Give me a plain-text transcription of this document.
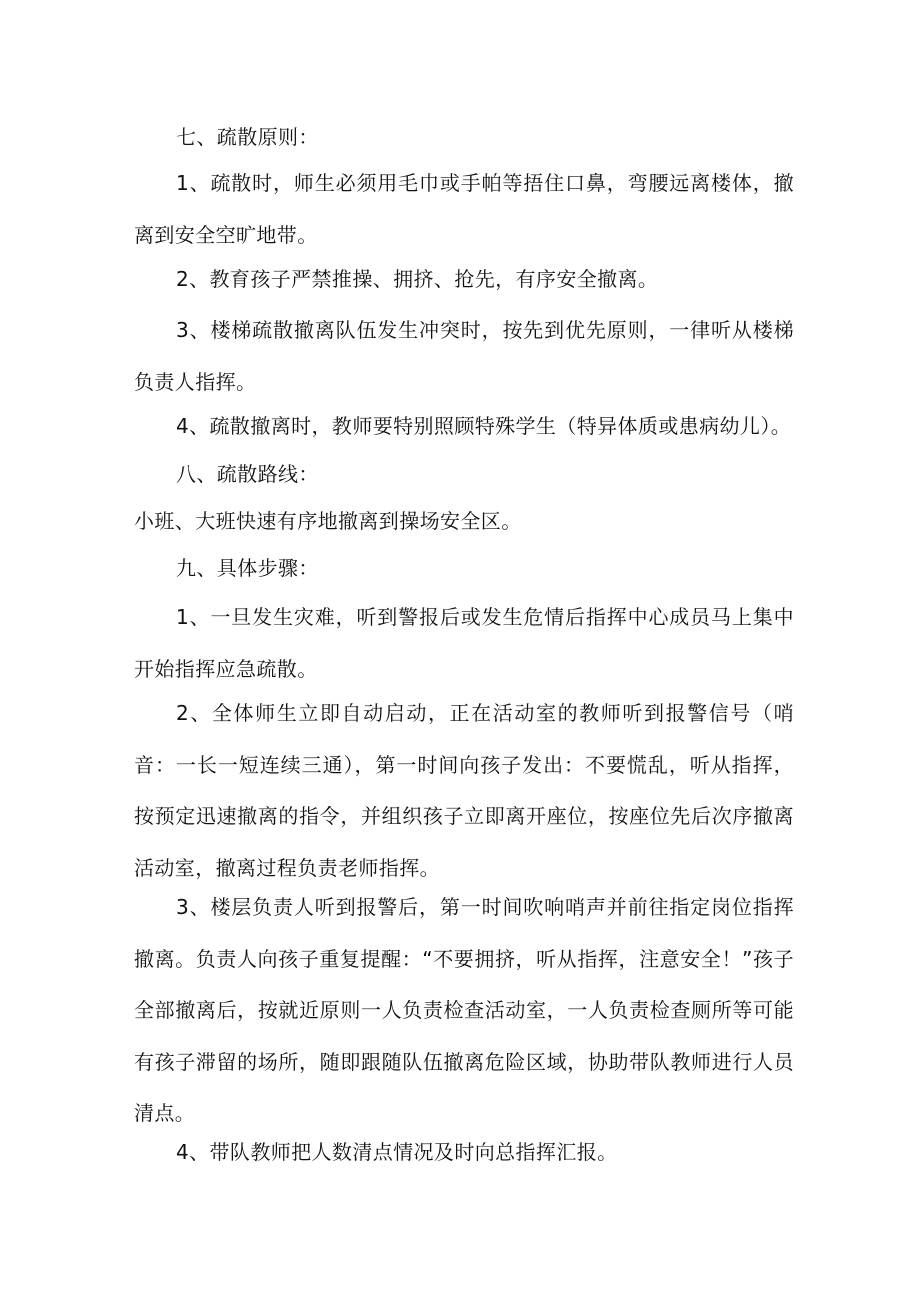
七、疏散原则：

1、疏散时，师生必须用毛巾或手帕等捂住口鼻，弯腰远离楼体，撤离到安全空旷地带。

2、教育孩子严禁推操、拥挤、抢先，有序安全撤离。

3、楼梯疏散撤离队伍发生冲突时，按先到优先原则，一律听从楼梯负责人指挥。

4、疏散撤离时，教师要特别照顾特殊学生（特异体质或患病幼儿）。

八、疏散路线：

小班、大班快速有序地撤离到操场安全区。

九、具体步骤：

1、一旦发生灾难，听到警报后或发生危情后指挥中心成员马上集中开始指挥应急疏散。

2、全体师生立即自动启动，正在活动室的教师听到报警信号（哨音：一长一短连续三通），第一时间向孩子发出：不要慌乱，听从指挥，按预定迅速撤离的指令，并组织孩子立即离开座位，按座位先后次序撤离活动室，撤离过程负责老师指挥。

3、楼层负责人听到报警后，第一时间吹响哨声并前往指定岗位指挥撤离。负责人向孩子重复提醒：“不要拥挤，听从指挥，注意安全！”孩子全部撤离后，按就近原则一人负责检查活动室，一人负责检查厕所等可能有孩子滞留的场所，随即跟随队伍撤离危险区域，协助带队教师进行人员清点。

4、带队教师把人数清点情况及时向总指挥汇报。
